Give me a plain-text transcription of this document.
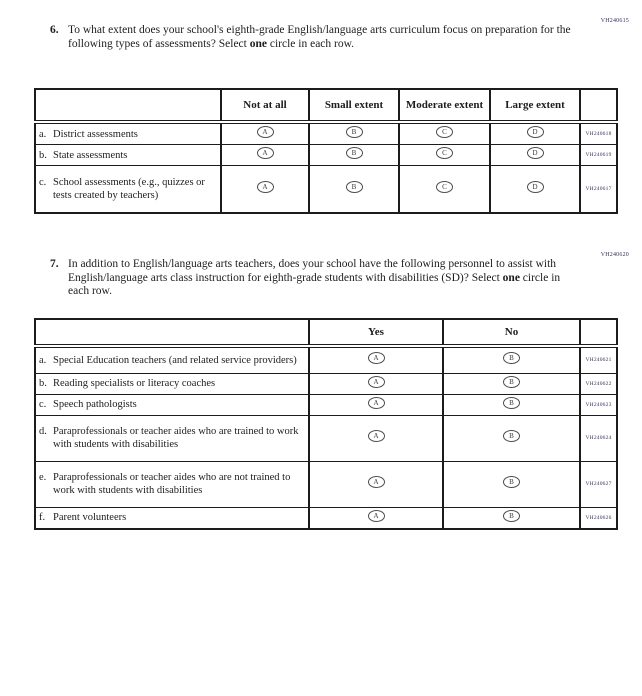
VH240615
6. To what extent does your school's eighth-grade English/language arts curriculum focus on preparation for the following types of assessments? Select one circle in each row.
	Not at all	Small extent	Moderate extent	Large extent	

a. District assessments	A	B	C	D	VH240618

b. State assessments	A	B	C	D	VH240619

c. School assessments (e.g., quizzes or tests created by teachers)	A	B	C	D	VH240617
VH240620
7. In addition to English/language arts teachers, does your school have the following personnel to assist with English/language arts class instruction for eighth-grade students with disabilities (SD)? Select one circle in each row.
	Yes	No	

a. Special Education teachers (and related service providers)	A	B	VH240621

b. Reading specialists or literacy coaches	A	B	VH240622

c. Speech pathologists	A	B	VH240623

d. Paraprofessionals or teacher aides who are trained to work with students with disabilities	A	B	VH240624

e. Paraprofessionals or teacher aides who are not trained to work with students with disabilities	A	B	VH240627

f. Parent volunteers	A	B	VH240626
